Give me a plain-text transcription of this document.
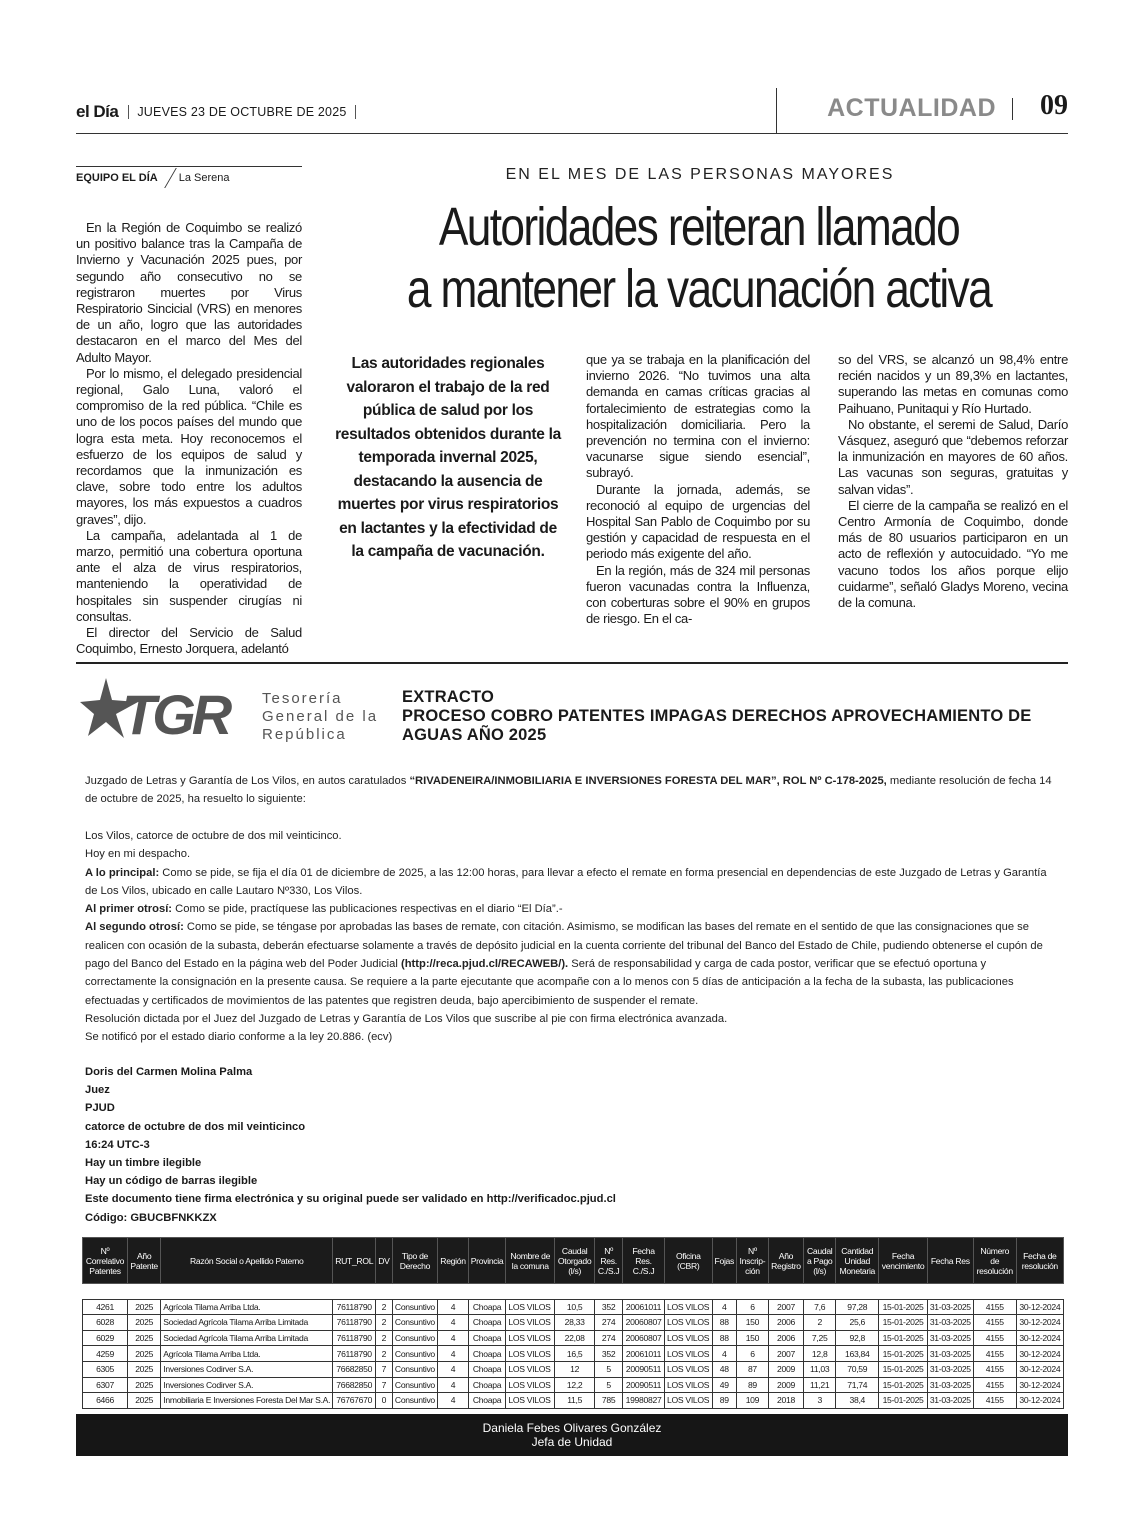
el Día	JUEVES 23 DE OCTUBRE DE 2025	ACTUALIDAD 09
EQUIPO EL DÍA	La Serena	EN EL MES DE LAS PERSONAS MAYORES
Autoridades reiteran llamado
a mantener la vacunación activa

En la Región de Coquimbo se realizó un positivo balance tras la Campaña de Invierno y Vacunación 2025 pues, por segundo año consecutivo no se registraron muertes por Virus Respiratorio Sincicial (VRS) en menores de un año, logro que las autoridades destacaron en el marco del Mes del Adulto Mayor.

Por lo mismo, el delegado presidencial regional, Galo Luna, valoró el compromiso de la red pública. “Chile es uno de los pocos países del mundo que logra esta meta. Hoy reconocemos el esfuerzo de los equipos de salud y recordamos que la inmunización es clave, sobre todo entre los adultos mayores, los más expuestos a cuadros graves”, dijo.

La campaña, adelantada al 1 de marzo, permitió una cobertura oportuna ante el alza de virus respiratorios, manteniendo la operatividad de hospitales sin suspender cirugías ni consultas.

El director del Servicio de Salud Coquimbo, Ernesto Jorquera, adelantó

Las autoridades regionales valoraron el trabajo de la red pública de salud por los resultados obtenidos durante la temporada invernal 2025, destacando la ausencia de muertes por virus respiratorios en lactantes y la efectividad de la campaña de vacunación.

que ya se trabaja en la planificación del invierno 2026. “No tuvimos una alta demanda en camas críticas gracias al fortalecimiento de estrategias como la hospitalización domiciliaria. Pero la prevención no termina con el invierno: vacunarse sigue siendo esencial”, subrayó.

Durante la jornada, además, se reconoció al equipo de urgencias del Hospital San Pablo de Coquimbo por su gestión y capacidad de respuesta en el periodo más exigente del año.

En la región, más de 324 mil personas fueron vacunadas contra la Influenza, con coberturas sobre el 90% en grupos de riesgo. En el ca-

so del VRS, se alcanzó un 98,4% entre recién nacidos y un 89,3% en lactantes, superando las metas en comunas como Paihuano, Punitaqui y Río Hurtado.

No obstante, el seremi de Salud, Darío Vásquez, aseguró que “debemos reforzar la inmunización en mayores de 60 años. Las vacunas son seguras, gratuitas y salvan vidas”.

El cierre de la campaña se realizó en el Centro Armonía de Coquimbo, donde más de 80 usuarios participaron en un acto de reflexión y autocuidado. “Yo me vacuno todos los años porque elijo cuidarme”, señaló Gladys Moreno, vecina de la comuna.

TGR Tesorería
General de la
República
EXTRACTO
PROCESO COBRO PATENTES IMPAGAS DERECHOS APROVECHAMIENTO DE AGUAS AÑO 2025
Juzgado de Letras y Garantía de Los Vilos, en autos caratulados “RIVADENEIRA/INMOBILIARIA E INVERSIONES FORESTA DEL MAR”, ROL Nº C-178-2025, mediante resolución de fecha 14 de octubre de 2025, ha resuelto lo siguiente:
Los Vilos, catorce de octubre de dos mil veinticinco.
Hoy en mi despacho.
A lo principal: Como se pide, se fija el día 01 de diciembre de 2025, a las 12:00 horas, para llevar a efecto el remate en forma presencial en dependencias de este Juzgado de Letras y Garantía de Los Vilos, ubicado en calle Lautaro Nº330, Los Vilos.
Al primer otrosí: Como se pide, practíquese las publicaciones respectivas en el diario “El Día”.-
Al segundo otrosí: Como se pide, se téngase por aprobadas las bases de remate, con citación. Asimismo, se modifican las bases del remate en el sentido de que las consignaciones que se realicen con ocasión de la subasta, deberán efectuarse solamente a través de depósito judicial en la cuenta corriente del tribunal del Banco del Estado de Chile, pudiendo obtenerse el cupón de pago del Banco del Estado en la página web del Poder Judicial (http://reca.pjud.cl/RECAWEB/). Será de responsabilidad y carga de cada postor, verificar que se efectuó oportuna y correctamente la consignación en la presente causa. Se requiere a la parte ejecutante que acompañe con a lo menos con 5 días de anticipación a la fecha de la subasta, las publicaciones efectuadas y certificados de movimientos de las patentes que registren deuda, bajo apercibimiento de suspender el remate.
Resolución dictada por el Juez del Juzgado de Letras y Garantía de Los Vilos que suscribe al pie con firma electrónica avanzada.
Se notificó por el estado diario conforme a la ley 20.886. (ecv)
Doris del Carmen Molina Palma
Juez
PJUD
catorce de octubre de dos mil veinticinco
16:24 UTC-3
Hay un timbre ilegible
Hay un código de barras ilegible
Este documento tiene firma electrónica y su original puede ser validado en http://verificadoc.pjud.cl
Código: GBUCBFNKKZX
Nº Correlativo Patentes	Año Patente	Razón Social o Apellido Paterno	RUT_ROL	DV	Tipo de Derecho	Región	Provincia	Nombre de la comuna	Caudal Otorgado (l/s)	Nº Res. C./S.J	Fecha Res. C./S.J	Oficina (CBR)	Fojas	Nº Inscrip-ción	Año Registro	Caudal a Pago (l/s)	Cantidad Unidad Monetaria	Fecha vencimiento	Fecha Res	Número de resolución	Fecha de resolución

4261	2025	Agrícola Tilama Arriba Ltda.	76118790	2	Consuntivo	4	Choapa	LOS VILOS	10,5	352	20061011	LOS VILOS	4	6	2007	7,6	97,28	15-01-2025	31-03-2025	4155	30-12-2024
6028	2025	Sociedad Agrícola Tilama Arriba Limitada	76118790	2	Consuntivo	4	Choapa	LOS VILOS	28,33	274	20060807	LOS VILOS	88	150	2006	2	25,6	15-01-2025	31-03-2025	4155	30-12-2024
6029	2025	Sociedad Agrícola Tilama Arriba Limitada	76118790	2	Consuntivo	4	Choapa	LOS VILOS	22,08	274	20060807	LOS VILOS	88	150	2006	7,25	92,8	15-01-2025	31-03-2025	4155	30-12-2024
4259	2025	Agrícola Tilama Arriba Ltda.	76118790	2	Consuntivo	4	Choapa	LOS VILOS	16,5	352	20061011	LOS VILOS	4	6	2007	12,8	163,84	15-01-2025	31-03-2025	4155	30-12-2024
6305	2025	Inversiones Codirver S.A.	76682850	7	Consuntivo	4	Choapa	LOS VILOS	12	5	20090511	LOS VILOS	48	87	2009	11,03	70,59	15-01-2025	31-03-2025	4155	30-12-2024
6307	2025	Inversiones Codirver S.A.	76682850	7	Consuntivo	4	Choapa	LOS VILOS	12,2	5	20090511	LOS VILOS	49	89	2009	11,21	71,74	15-01-2025	31-03-2025	4155	30-12-2024
6466	2025	Inmobiliaria E Inversiones Foresta Del Mar S.A.	76767670	0	Consuntivo	4	Choapa	LOS VILOS	11,5	785	19980827	LOS VILOS	89	109	2018	3	38,4	15-01-2025	31-03-2025	4155	30-12-2024
Daniela Febes Olivares González
Jefa de Unidad
